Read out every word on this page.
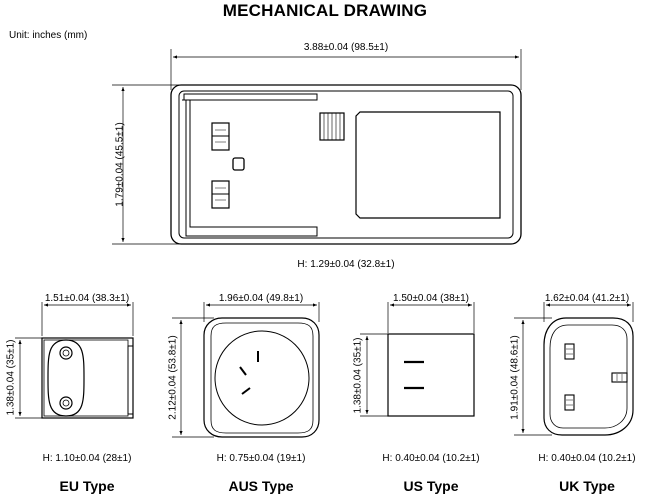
MECHANICAL DRAWING
Unit: inches (mm)
3.88±0.04 (98.5±1)
1.79±0.04 (45.5±1)
H: 1.29±0.04 (32.8±1)
1.51±0.04 (38.3±1)
1.38±0.04 (35±1)
H: 1.10±0.04 (28±1)
EU Type
1.96±0.04 (49.8±1)
2.12±0.04 (53.8±1)
H: 0.75±0.04 (19±1)
AUS Type
1.50±0.04 (38±1)
1.38±0.04 (35±1)
H: 0.40±0.04 (10.2±1)
US Type
1.62±0.04 (41.2±1)
1.91±0.04 (48.6±1)
H: 0.40±0.04 (10.2±1)
UK Type
